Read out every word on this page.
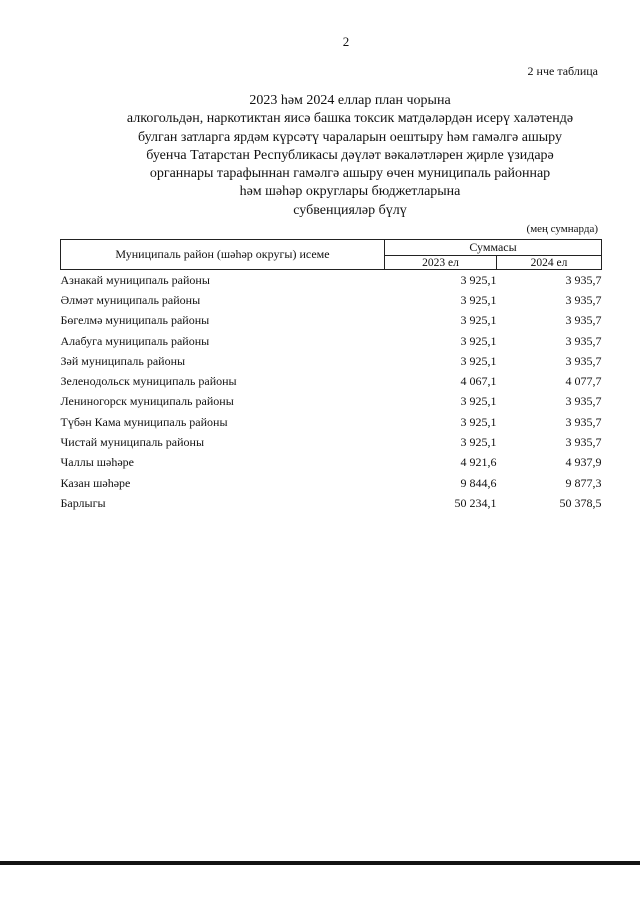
2
2 нче таблица
2023 һәм 2024 еллар план чорына
алкогольдән, наркотиктан яисә башка токсик матдәләрдән исерү халәтендә
булган затларга ярдәм күрсәтү чараларын оештыру һәм гамәлгә ашыру
буенча Татарстан Республикасы дәүләт вәкаләтләрен җирле үзидарә
органнары тарафыннан гамәлгә ашыру өчен муниципаль районнар
һәм шәһәр округлары бюджетларына
субвенцияләр бүлү
(мең сумнарда)
Муниципаль район (шәһәр округы) исеме	Суммасы	
	2023 ел	2024 ел
Азнакай муниципаль районы	3 925,1	3 935,7
Әлмәт муниципаль районы	3 925,1	3 935,7
Бөгелмә муниципаль районы	3 925,1	3 935,7
Алабуга муниципаль районы	3 925,1	3 935,7
Зәй муниципаль районы	3 925,1	3 935,7
Зеленодольск муниципаль районы	4 067,1	4 077,7
Лениногорск муниципаль районы	3 925,1	3 935,7
Түбән Кама муниципаль районы	3 925,1	3 935,7
Чистай муниципаль районы	3 925,1	3 935,7
Чаллы шәһәре	4 921,6	4 937,9
Казан шәһәре	9 844,6	9 877,3
Барлыгы	50 234,1	50 378,5
